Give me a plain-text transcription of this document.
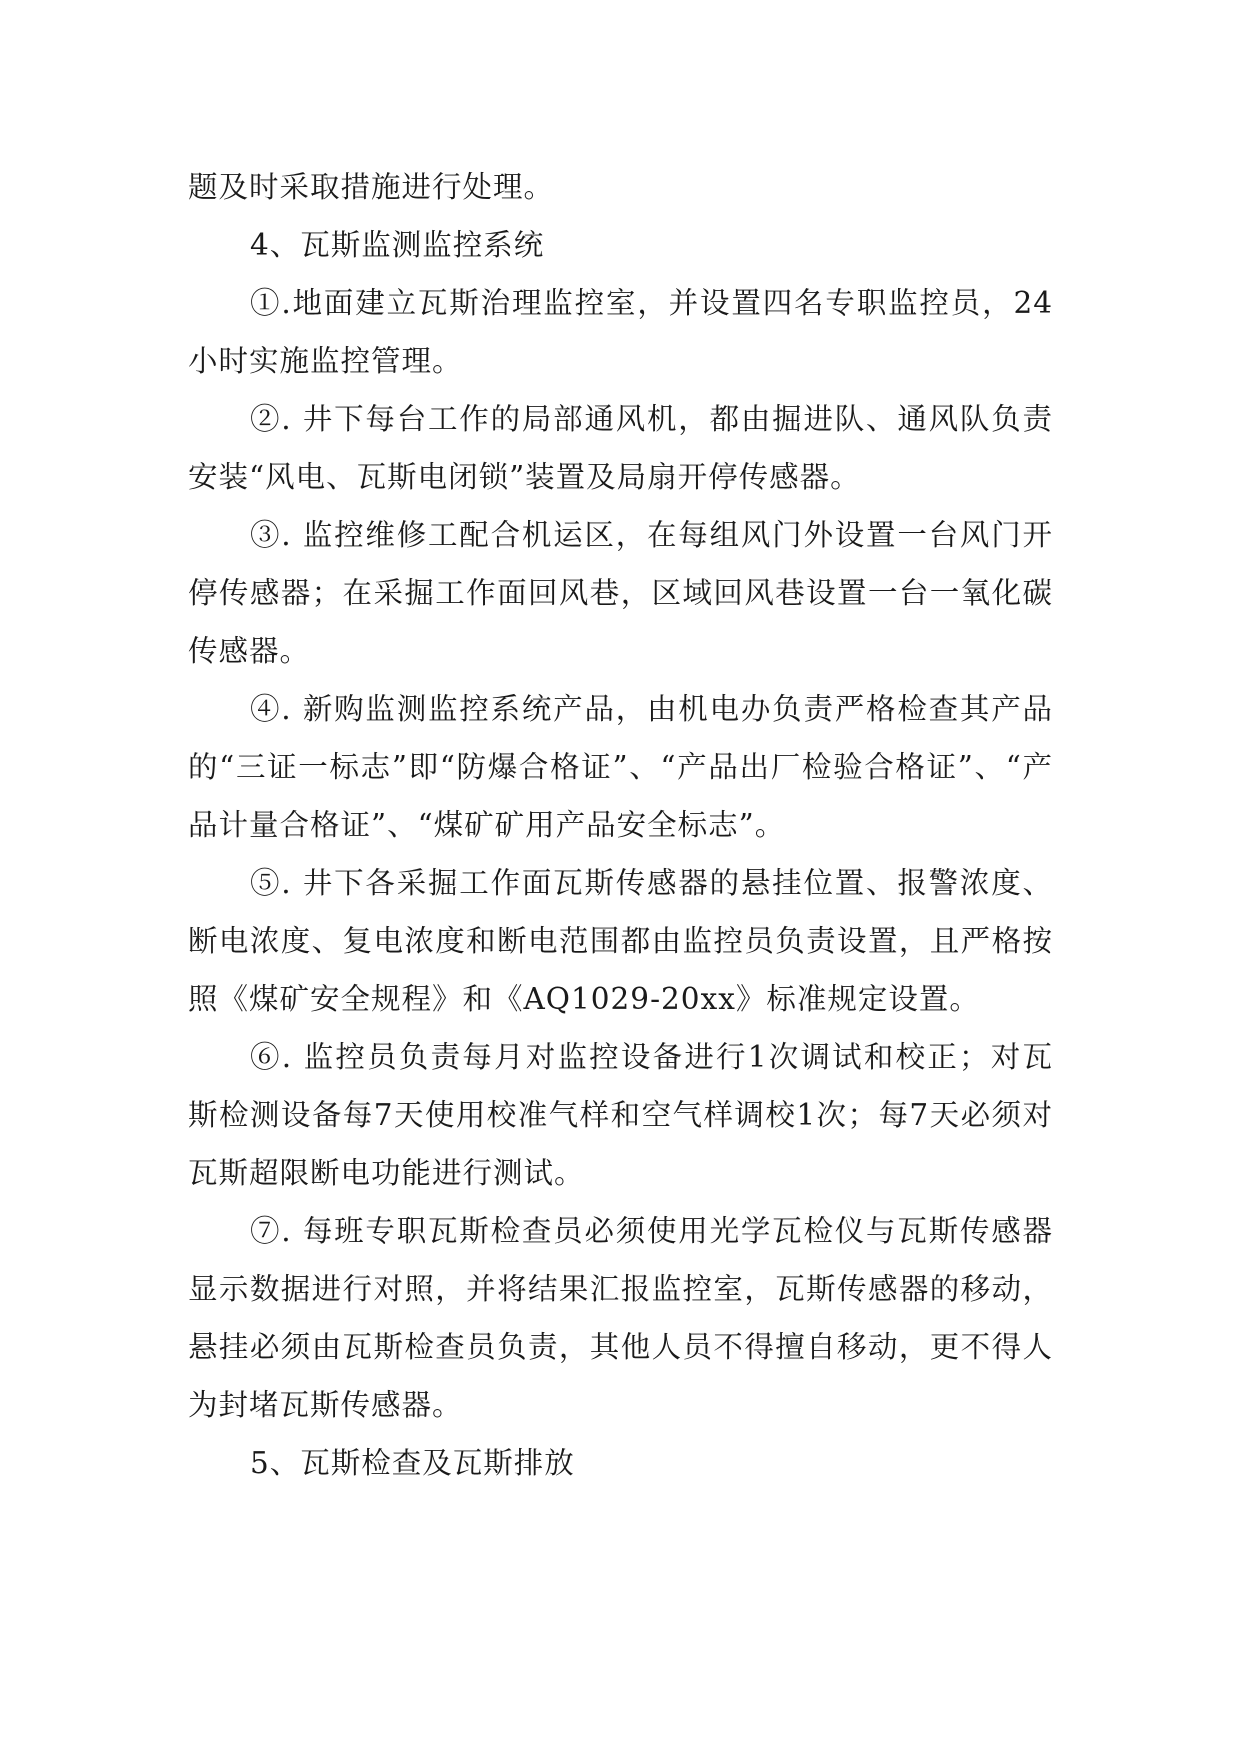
题及时采取措施进行处理。

4、瓦斯监测监控系统

①.地面建立瓦斯治理监控室，并设置四名专职监控员，24小时实施监控管理。

②. 井下每台工作的局部通风机，都由掘进队、通风队负责安装“风电、瓦斯电闭锁”装置及局扇开停传感器。

③. 监控维修工配合机运区，在每组风门外设置一台风门开停传感器；在采掘工作面回风巷，区域回风巷设置一台一氧化碳传感器。

④. 新购监测监控系统产品，由机电办负责严格检查其产品的“三证一标志”即“防爆合格证”、“产品出厂检验合格证”、“产品计量合格证”、“煤矿矿用产品安全标志”。

⑤. 井下各采掘工作面瓦斯传感器的悬挂位置、报警浓度、断电浓度、复电浓度和断电范围都由监控员负责设置，且严格按照《煤矿安全规程》和《AQ1029-20xx》标准规定设置。

⑥. 监控员负责每月对监控设备进行1次调试和校正；对瓦斯检测设备每7天使用校准气样和空气样调校1次；每7天必须对瓦斯超限断电功能进行测试。

⑦. 每班专职瓦斯检查员必须使用光学瓦检仪与瓦斯传感器显示数据进行对照，并将结果汇报监控室，瓦斯传感器的移动，悬挂必须由瓦斯检查员负责，其他人员不得擅自移动，更不得人为封堵瓦斯传感器。

5、瓦斯检查及瓦斯排放
